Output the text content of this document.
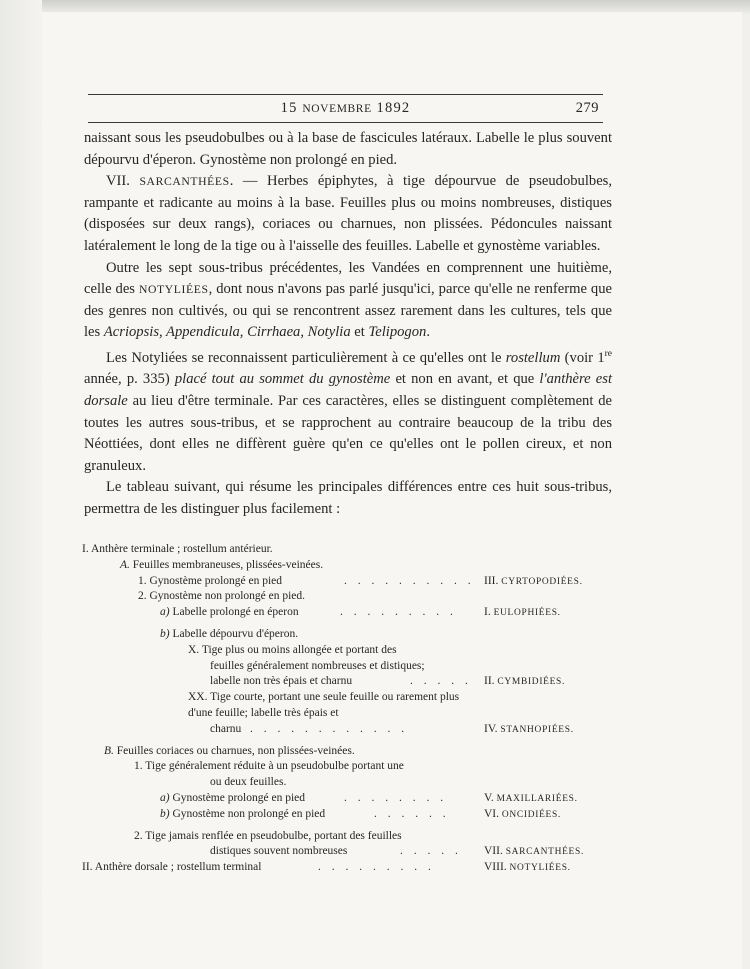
15 NOVEMBRE 1892	279

naissant sous les pseudobulbes ou à la base de fascicules latéraux. Labelle le plus souvent dépourvu d'éperon. Gynostème non prolongé en pied.

VII. SARCANTHÉES. — Herbes épiphytes, à tige dépourvue de pseudobulbes, rampante et radicante au moins à la base. Feuilles plus ou moins nombreuses, distiques (disposées sur deux rangs), coriaces ou charnues, non plissées. Pédoncules naissant latéralement le long de la tige ou à l'aisselle des feuilles. Labelle et gynostème variables.

Outre les sept sous-tribus précédentes, les Vandées en comprennent une huitième, celle des NOTYLIÉES, dont nous n'avons pas parlé jusqu'ici, parce qu'elle ne renferme que des genres non cultivés, ou qui se rencontrent assez rarement dans les cultures, tels que les Acriopsis, Appendicula, Cirrhaea, Notylia et Telipogon.

Les Notyliées se reconnaissent particulièrement à ce qu'elles ont le rostellum (voir 1re année, p. 335) placé tout au sommet du gynostème et non en avant, et que l'anthère est dorsale au lieu d'être terminale. Par ces caractères, elles se distinguent complètement de toutes les autres sous-tribus, et se rapprochent au contraire beaucoup de la tribu des Néottiées, dont elles ne diffèrent guère qu'en ce qu'elles ont le pollen cireux, et non granuleux.

Le tableau suivant, qui résume les principales différences entre ces huit sous-tribus, permettra de les distinguer plus facilement :

I. Anthère terminale ; rostellum antérieur.
A. Feuilles membraneuses, plissées-veinées.
1. Gynostème prolongé en pied	. . . . . . . . . . III. CYRTOPODIÉES.
2. Gynostème non prolongé en pied.
a) Labelle prolongé en éperon	. . . . . . . . . I. EULOPHIÉES.
b) Labelle dépourvu d'éperon.
X. Tige plus ou moins allongée et portant des
feuilles généralement nombreuses et distiques;
labelle non très épais et charnu	. . . . . II. CYMBIDIÉES.
XX. Tige courte, portant une seule feuille ou rarement plus d'une feuille; labelle très épais et
charnu . . . . . . . . . . . .	IV. STANHOPIÉES.
B. Feuilles coriaces ou charnues, non plissées-veinées.
1. Tige généralement réduite à un pseudobulbe portant une
ou deux feuilles.
a) Gynostème prolongé en pied	. . . . . . . .	V. MAXILLARIÉES.
b) Gynostème non prolongé en pied	. . . . . .	VI. ONCIDIÉES.
2. Tige jamais renflée en pseudobulbe, portant des feuilles
distiques souvent nombreuses	. . . . . VII. SARCANTHÉES.
II. Anthère dorsale ; rostellum terminal	. . . . . . . . .	VIII. NOTYLIÉES.
